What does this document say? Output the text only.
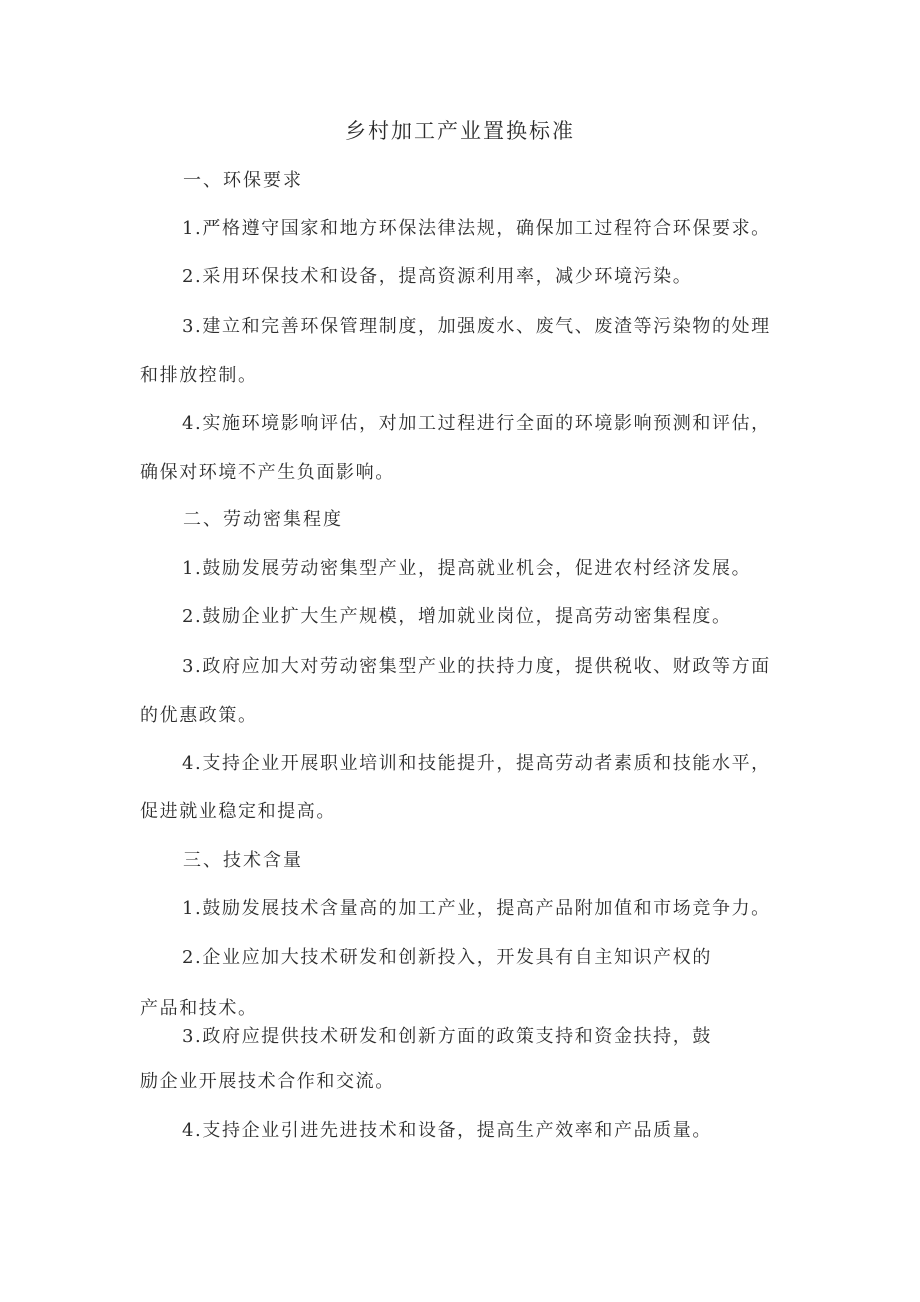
乡村加工产业置换标准
一、环保要求
1.严格遵守国家和地方环保法律法规，确保加工过程符合环保要求。
2.采用环保技术和设备，提高资源利用率，减少环境污染。
3.建立和完善环保管理制度，加强废水、废气、废渣等污染物的处理
和排放控制。
4.实施环境影响评估，对加工过程进行全面的环境影响预测和评估，
确保对环境不产生负面影响。
二、劳动密集程度
1.鼓励发展劳动密集型产业，提高就业机会，促进农村经济发展。
2.鼓励企业扩大生产规模，增加就业岗位，提高劳动密集程度。
3.政府应加大对劳动密集型产业的扶持力度，提供税收、财政等方面
的优惠政策。
4.支持企业开展职业培训和技能提升，提高劳动者素质和技能水平，
促进就业稳定和提高。
三、技术含量
1.鼓励发展技术含量高的加工产业，提高产品附加值和市场竞争力。
2.企业应加大技术研发和创新投入，开发具有自主知识产权的
产品和技术。
3.政府应提供技术研发和创新方面的政策支持和资金扶持，鼓
励企业开展技术合作和交流。
4.支持企业引进先进技术和设备，提高生产效率和产品质量。
